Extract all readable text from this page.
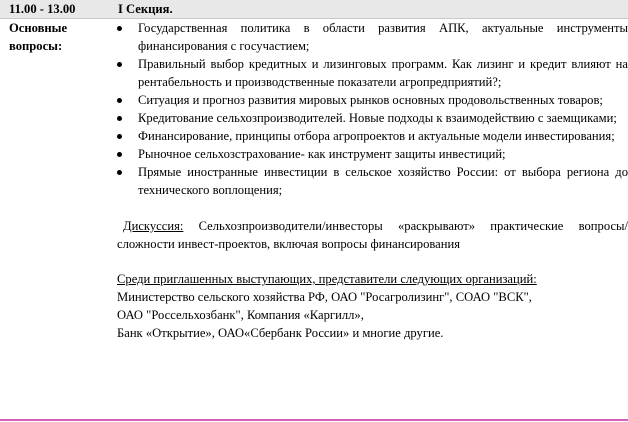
11.00 - 13.00	I Секция.
Основные вопросы:
Государственная политика в области развития АПК, актуальные инструменты финансирования с госучастием;
Правильный выбор кредитных и лизинговых программ. Как лизинг и кредит влияют на рентабельность и производственные показатели агропредприятий?;
Ситуация и прогноз развития мировых рынков основных продовольственных товаров;
Кредитование сельхозпроизводителей. Новые подходы к взаимодействию с заемщиками;
Финансирование, принципы отбора агропроектов и актуальные модели инвестирования;
Рыночное сельхозстрахование- как инструмент защиты инвестиций;
Прямые иностранные инвестиции в сельское хозяйство России: от выбора региона до технического воплощения;
Дискуссия: Сельхозпроизводители/инвесторы «раскрывают» практические вопросы/сложности инвест-проектов, включая вопросы финансирования
Среди приглашенных выступающих, представители следующих организаций:
Министерство сельского хозяйства РФ, ОАО "Росагролизинг", СОАО "ВСК",
ОАО "Россельхозбанк", Компания «Каргилл»,
Банк «Открытие», ОАО«Сбербанк России» и многие другие.
